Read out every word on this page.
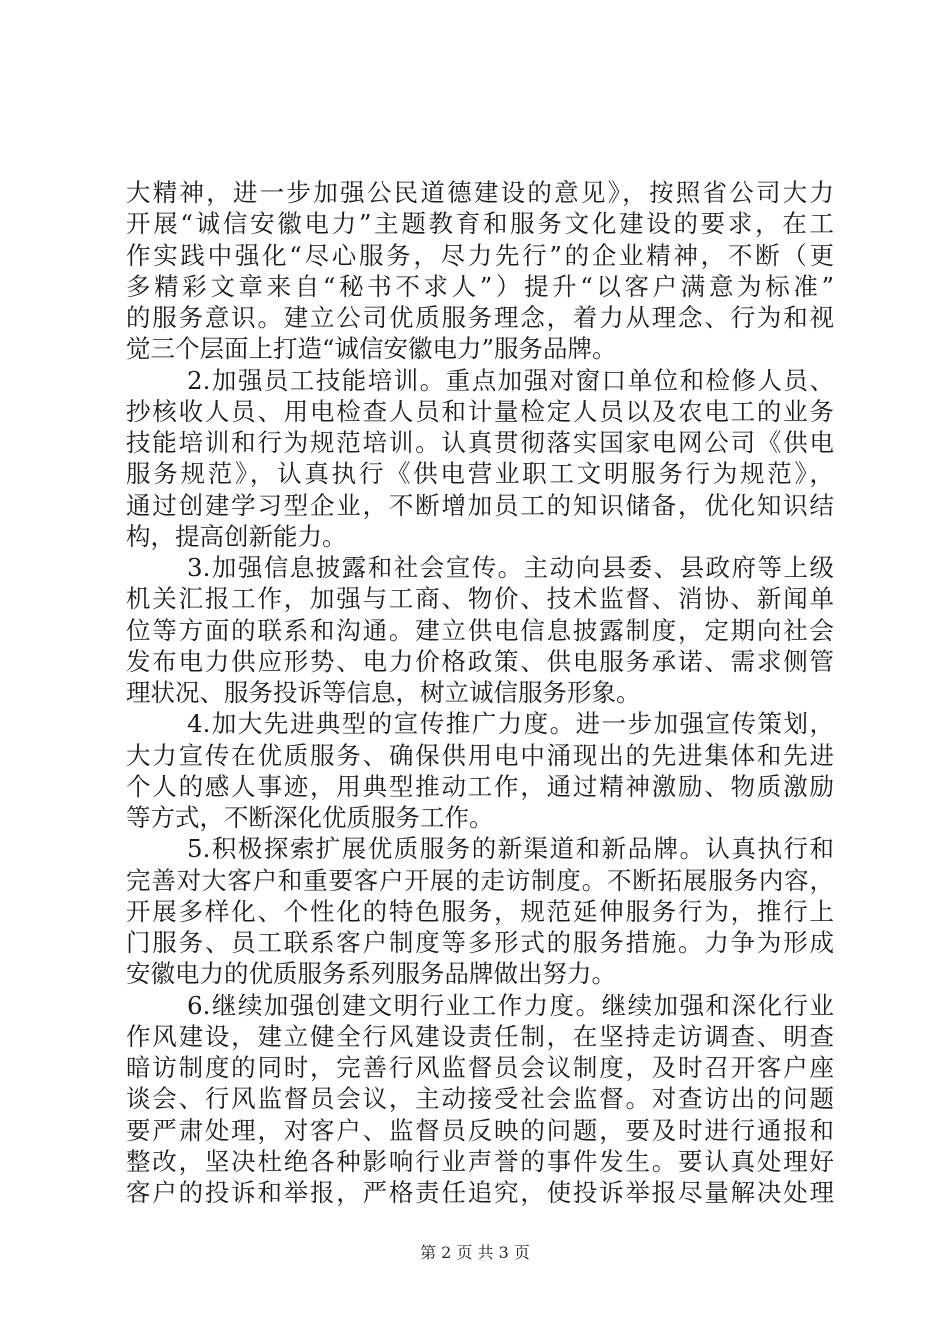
大精神，进一步加强公民道德建设的意见》，按照省公司大力
开展“诚信安徽电力”主题教育和服务文化建设的要求，在工
作实践中强化“尽心服务，尽力先行”的企业精神，不断（更
多精彩文章来自“秘书不求人”）提升“以客户满意为标准”
的服务意识。建立公司优质服务理念，着力从理念、行为和视
觉三个层面上打造“诚信安徽电力”服务品牌。
2.加强员工技能培训。重点加强对窗口单位和检修人员、
抄核收人员、用电检查人员和计量检定人员以及农电工的业务
技能培训和行为规范培训。认真贯彻落实国家电网公司《供电
服务规范》，认真执行《供电营业职工文明服务行为规范》，
通过创建学习型企业，不断增加员工的知识储备，优化知识结
构，提高创新能力。
3.加强信息披露和社会宣传。主动向县委、县政府等上级
机关汇报工作，加强与工商、物价、技术监督、消协、新闻单
位等方面的联系和沟通。建立供电信息披露制度，定期向社会
发布电力供应形势、电力价格政策、供电服务承诺、需求侧管
理状况、服务投诉等信息，树立诚信服务形象。
4.加大先进典型的宣传推广力度。进一步加强宣传策划，
大力宣传在优质服务、确保供用电中涌现出的先进集体和先进
个人的感人事迹，用典型推动工作，通过精神激励、物质激励
等方式，不断深化优质服务工作。
5.积极探索扩展优质服务的新渠道和新品牌。认真执行和
完善对大客户和重要客户开展的走访制度。不断拓展服务内容，
开展多样化、个性化的特色服务，规范延伸服务行为，推行上
门服务、员工联系客户制度等多形式的服务措施。力争为形成
安徽电力的优质服务系列服务品牌做出努力。
6.继续加强创建文明行业工作力度。继续加强和深化行业
作风建设，建立健全行风建设责任制，在坚持走访调查、明查
暗访制度的同时，完善行风监督员会议制度，及时召开客户座
谈会、行风监督员会议，主动接受社会监督。对查访出的问题
要严肃处理，对客户、监督员反映的问题，要及时进行通报和
整改，坚决杜绝各种影响行业声誉的事件发生。要认真处理好
客户的投诉和举报，严格责任追究，使投诉举报尽量解决处理
第 2 页 共 3 页
